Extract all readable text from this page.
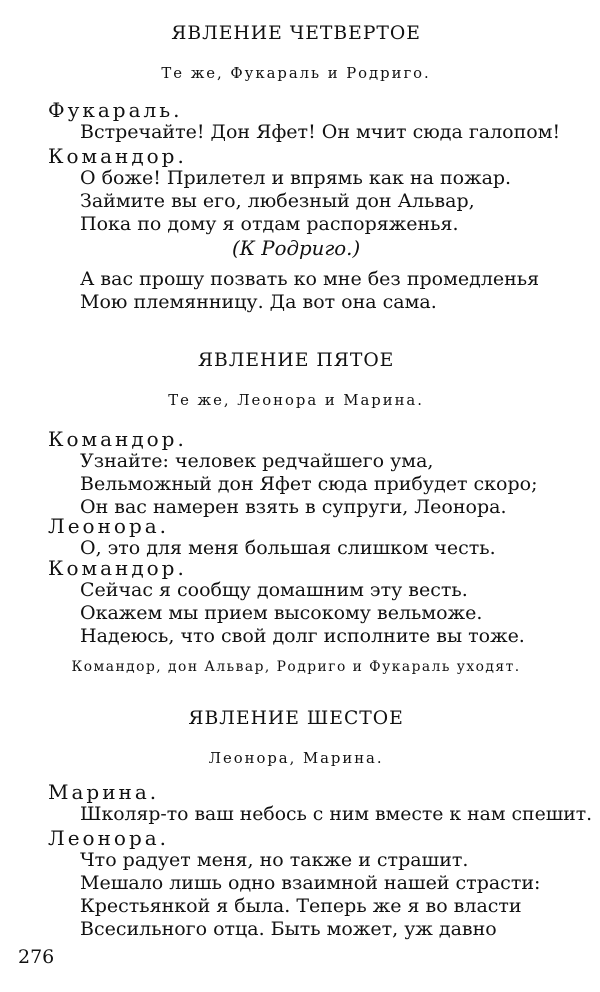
ЯВЛЕНИЕ ЧЕТВЕРТОЕ
Те же, Фукараль и Родриго.
Фукараль.
Встречайте! Дон Яфет! Он мчит сюда галопом!
Командор.
О боже! Прилетел и впрямь как на пожар.
Займите вы его, любезный дон Альвар,
Пока по дому я отдам распоряженья.
(К Родриго.)
А вас прошу позвать ко мне без промедленья
Мою племянницу. Да вот она сама.
ЯВЛЕНИЕ ПЯТОЕ
Те же, Леонора и Марина.
Командор.
Узнайте: человек редчайшего ума,
Вельможный дон Яфет сюда прибудет скоро;
Он вас намерен взять в супруги, Леонора.
Леонора.
О, это для меня большая слишком честь.
Командор.
Сейчас я сообщу домашним эту весть.
Окажем мы прием высокому вельможе.
Надеюсь, что свой долг исполните вы тоже.
Командор, дон Альвар, Родриго и Фукараль уходят.
ЯВЛЕНИЕ ШЕСТОЕ
Леонора, Марина.
Марина.
Школяр-то ваш небось с ним вместе к нам спешит.
Леонора.
Что радует меня, но также и страшит.
Мешало лишь одно взаимной нашей страсти:
Крестьянкой я была. Теперь же я во власти
Всесильного отца. Быть может, уж давно
276
